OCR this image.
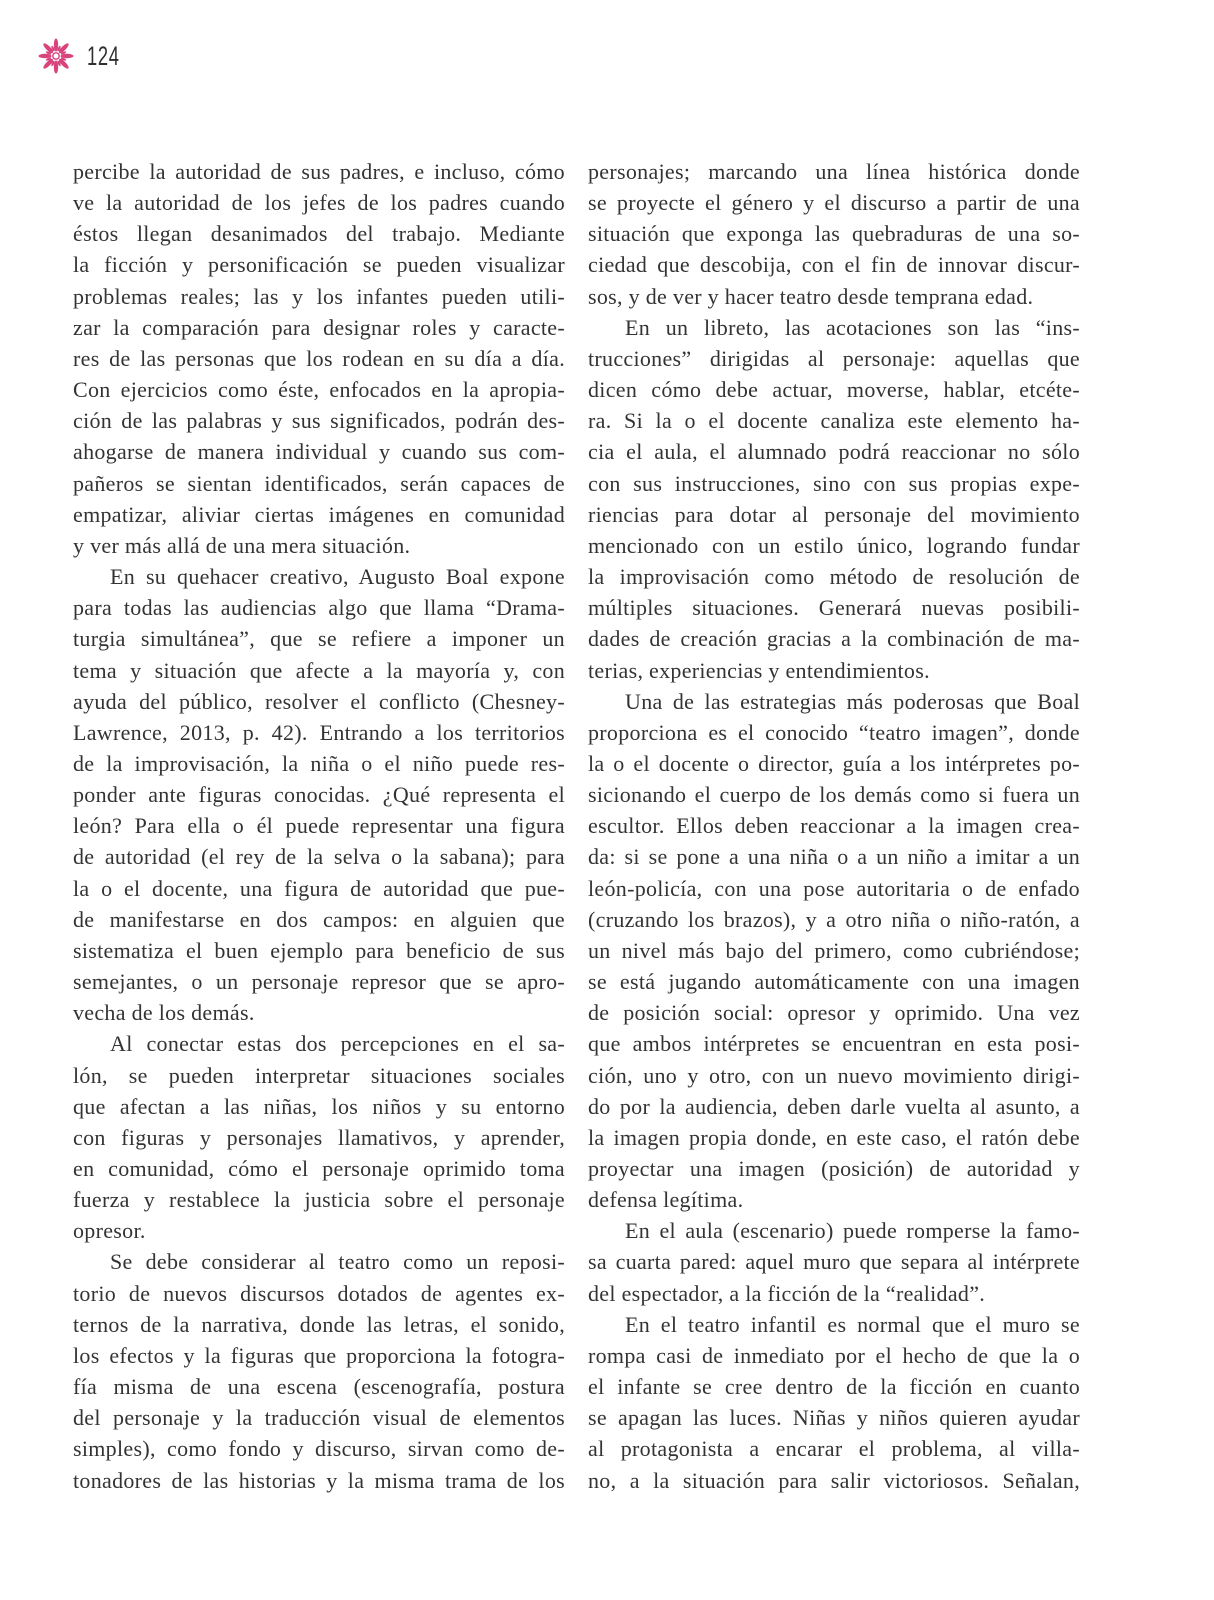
124
percibe la autoridad de sus padres, e incluso, cómo
ve la autoridad de los jefes de los padres cuando
éstos llegan desanimados del trabajo. Mediante
la ficción y personificación se pueden visualizar
problemas reales; las y los infantes pueden utili-
zar la comparación para designar roles y caracte-
res de las personas que los rodean en su día a día.
Con ejercicios como éste, enfocados en la apropia-
ción de las palabras y sus significados, podrán des-
ahogarse de manera individual y cuando sus com-
pañeros se sientan identificados, serán capaces de
empatizar, aliviar ciertas imágenes en comunidad
y ver más allá de una mera situación.
En su quehacer creativo, Augusto Boal expone
para todas las audiencias algo que llama “Drama-
turgia simultánea”, que se refiere a imponer un
tema y situación que afecte a la mayoría y, con
ayuda del público, resolver el conflicto (Chesney-
Lawrence, 2013, p. 42). Entrando a los territorios
de la improvisación, la niña o el niño puede res-
ponder ante figuras conocidas. ¿Qué representa el
león? Para ella o él puede representar una figura
de autoridad (el rey de la selva o la sabana); para
la o el docente, una figura de autoridad que pue-
de manifestarse en dos campos: en alguien que
sistematiza el buen ejemplo para beneficio de sus
semejantes, o un personaje represor que se apro-
vecha de los demás.
Al conectar estas dos percepciones en el sa-
lón, se pueden interpretar situaciones sociales
que afectan a las niñas, los niños y su entorno
con figuras y personajes llamativos, y aprender,
en comunidad, cómo el personaje oprimido toma
fuerza y restablece la justicia sobre el personaje
opresor.
Se debe considerar al teatro como un reposi-
torio de nuevos discursos dotados de agentes ex-
ternos de la narrativa, donde las letras, el sonido,
los efectos y la figuras que proporciona la fotogra-
fía misma de una escena (escenografía, postura
del personaje y la traducción visual de elementos
simples), como fondo y discurso, sirvan como de-
tonadores de las historias y la misma trama de los
personajes; marcando una línea histórica donde
se proyecte el género y el discurso a partir de una
situación que exponga las quebraduras de una so-
ciedad que descobija, con el fin de innovar discur-
sos, y de ver y hacer teatro desde temprana edad.
En un libreto, las acotaciones son las “ins-
trucciones” dirigidas al personaje: aquellas que
dicen cómo debe actuar, moverse, hablar, etcéte-
ra. Si la o el docente canaliza este elemento ha-
cia el aula, el alumnado podrá reaccionar no sólo
con sus instrucciones, sino con sus propias expe-
riencias para dotar al personaje del movimiento
mencionado con un estilo único, logrando fundar
la improvisación como método de resolución de
múltiples situaciones. Generará nuevas posibili-
dades de creación gracias a la combinación de ma-
terias, experiencias y entendimientos.
Una de las estrategias más poderosas que Boal
proporciona es el conocido “teatro imagen”, donde
la o el docente o director, guía a los intérpretes po-
sicionando el cuerpo de los demás como si fuera un
escultor. Ellos deben reaccionar a la imagen crea-
da: si se pone a una niña o a un niño a imitar a un
león-policía, con una pose autoritaria o de enfado
(cruzando los brazos), y a otro niña o niño-ratón, a
un nivel más bajo del primero, como cubriéndose;
se está jugando automáticamente con una imagen
de posición social: opresor y oprimido. Una vez
que ambos intérpretes se encuentran en esta posi-
ción, uno y otro, con un nuevo movimiento dirigi-
do por la audiencia, deben darle vuelta al asunto, a
la imagen propia donde, en este caso, el ratón debe
proyectar una imagen (posición) de autoridad y
defensa legítima.
En el aula (escenario) puede romperse la famo-
sa cuarta pared: aquel muro que separa al intérprete
del espectador, a la ficción de la “realidad”.
En el teatro infantil es normal que el muro se
rompa casi de inmediato por el hecho de que la o
el infante se cree dentro de la ficción en cuanto
se apagan las luces. Niñas y niños quieren ayudar
al protagonista a encarar el problema, al villa-
no, a la situación para salir victoriosos. Señalan,
